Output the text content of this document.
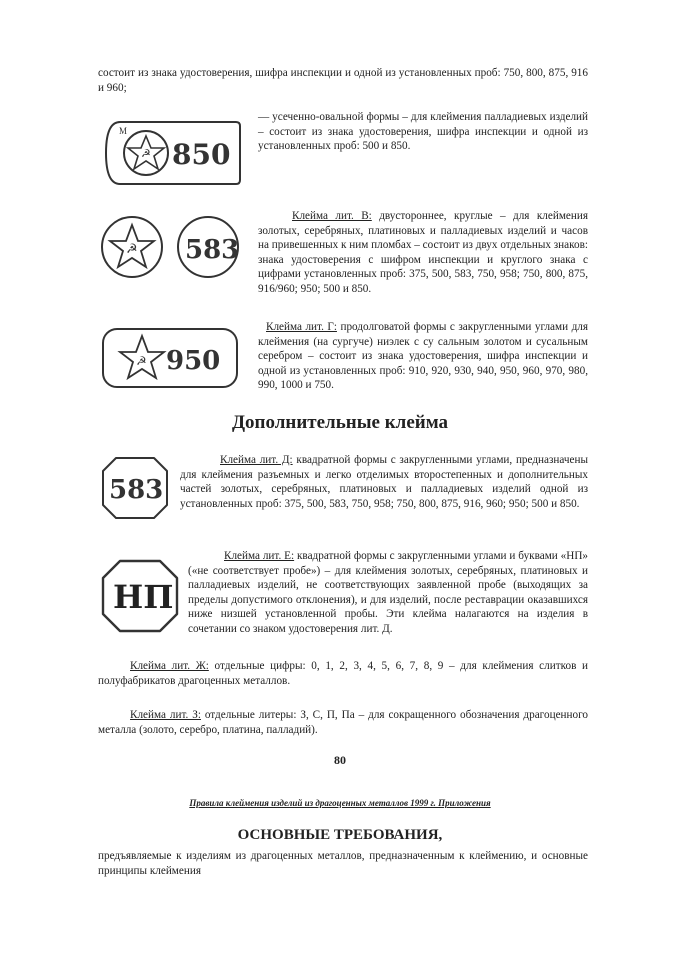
состоит из знака удостоверения, шифра инспекции и одной из установленных проб: 750, 800, 875, 916 и 960;
☭
M
850
— усеченно-овальной формы – для клеймения палладиевых изделий – состоит из знака удостоверения, шифра инспекции и одной из установленных проб: 500 и 850.
☭ 583
Клейма лит. В: двустороннее, круглые – для клеймения золотых, серебряных, платиновых и палладиевых изделий и часов на привешенных к ним пломбах – состоит из двух отдельных знаков: знака удостоверения с шифром инспекции и круглого знака с цифрами установленных проб: 375, 500, 583, 750, 958; 750, 800, 875, 916/960; 950; 500 и 850.
☭ 950
Клейма лит. Г: продолговатой формы с закругленными углами для клеймения (на сургуче) ниэлек с су сальным золотом и сусальным серебром – состоит из знака удостоверения, шифра инспекции и одной из установленных проб: 910, 920, 930, 940, 950, 960, 970, 980, 990, 1000 и 750.
Дополнительные клейма
583
Клейма лит. Д: квадратной формы с закругленными углами, предназначены для клеймения разъемных и легко отделимых второстепенных и дополнительных частей золотых, серебряных, платиновых и палладиевых изделий одной из установленных проб: 375, 500, 583, 750, 958; 750, 800, 875, 916, 960; 950; 500 и 850.
НП
Клейма лит. Е: квадратной формы с закругленными углами и буквами «НП» («не соответствует пробе») – для клеймения золотых, серебряных, платиновых и палладиевых изделий, не соответствующих заявленной пробе (выходящих за пределы допустимого отклонения), и для изделий, после реставрации оказавшихся ниже низшей установленной пробы. Эти клейма налагаются на изделия в сочетании со знаком удостоверения лит. Д.
Клейма лит. Ж: отдельные цифры: 0, 1, 2, 3, 4, 5, 6, 7, 8, 9 – для клеймения слитков и полуфабрикатов драгоценных металлов.
Клейма лит. З: отдельные литеры: З, С, П, Па – для сокращенного обозначения драгоценного металла (золото, серебро, платина, палладий).
80
Правила клеймения изделий из драгоценных металлов 1999 г. Приложения
ОСНОВНЫЕ ТРЕБОВАНИЯ,
предъявляемые к изделиям из драгоценных металлов, предназначенным к клеймению, и основные принципы клеймения
